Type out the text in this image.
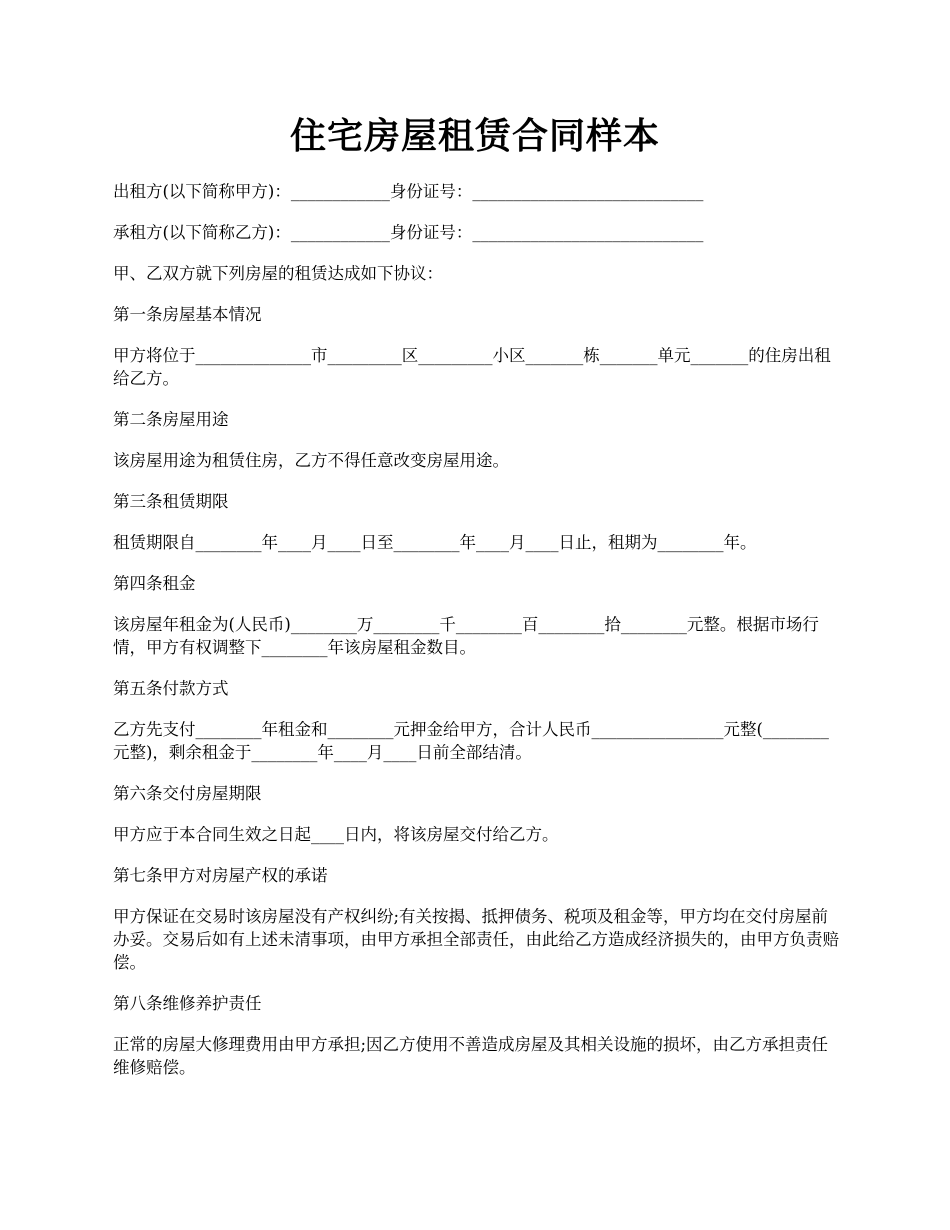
住宅房屋租赁合同样本

出租方(以下简称甲方)：____________身份证号：____________________________

承租方(以下简称乙方)：____________身份证号：____________________________

甲、乙双方就下列房屋的租赁达成如下协议：

第一条房屋基本情况

甲方将位于______________市_________区_________小区_______栋_______单元_______的住房出租给乙方。

第二条房屋用途

该房屋用途为租赁住房，乙方不得任意改变房屋用途。

第三条租赁期限

租赁期限自________年____月____日至________年____月____日止，租期为________年。

第四条租金

该房屋年租金为(人民币)________万________千________百________拾________元整。根据市场行情，甲方有权调整下________年该房屋租金数目。

第五条付款方式

乙方先支付________年租金和________元押金给甲方，合计人民币________________元整(________元整)，剩余租金于________年____月____日前全部结清。

第六条交付房屋期限

甲方应于本合同生效之日起____日内，将该房屋交付给乙方。

第七条甲方对房屋产权的承诺

甲方保证在交易时该房屋没有产权纠纷;有关按揭、抵押债务、税项及租金等，甲方均在交付房屋前办妥。交易后如有上述未清事项，由甲方承担全部责任，由此给乙方造成经济损失的，由甲方负责赔偿。

第八条维修养护责任

正常的房屋大修理费用由甲方承担;因乙方使用不善造成房屋及其相关设施的损坏，由乙方承担责任维修赔偿。
